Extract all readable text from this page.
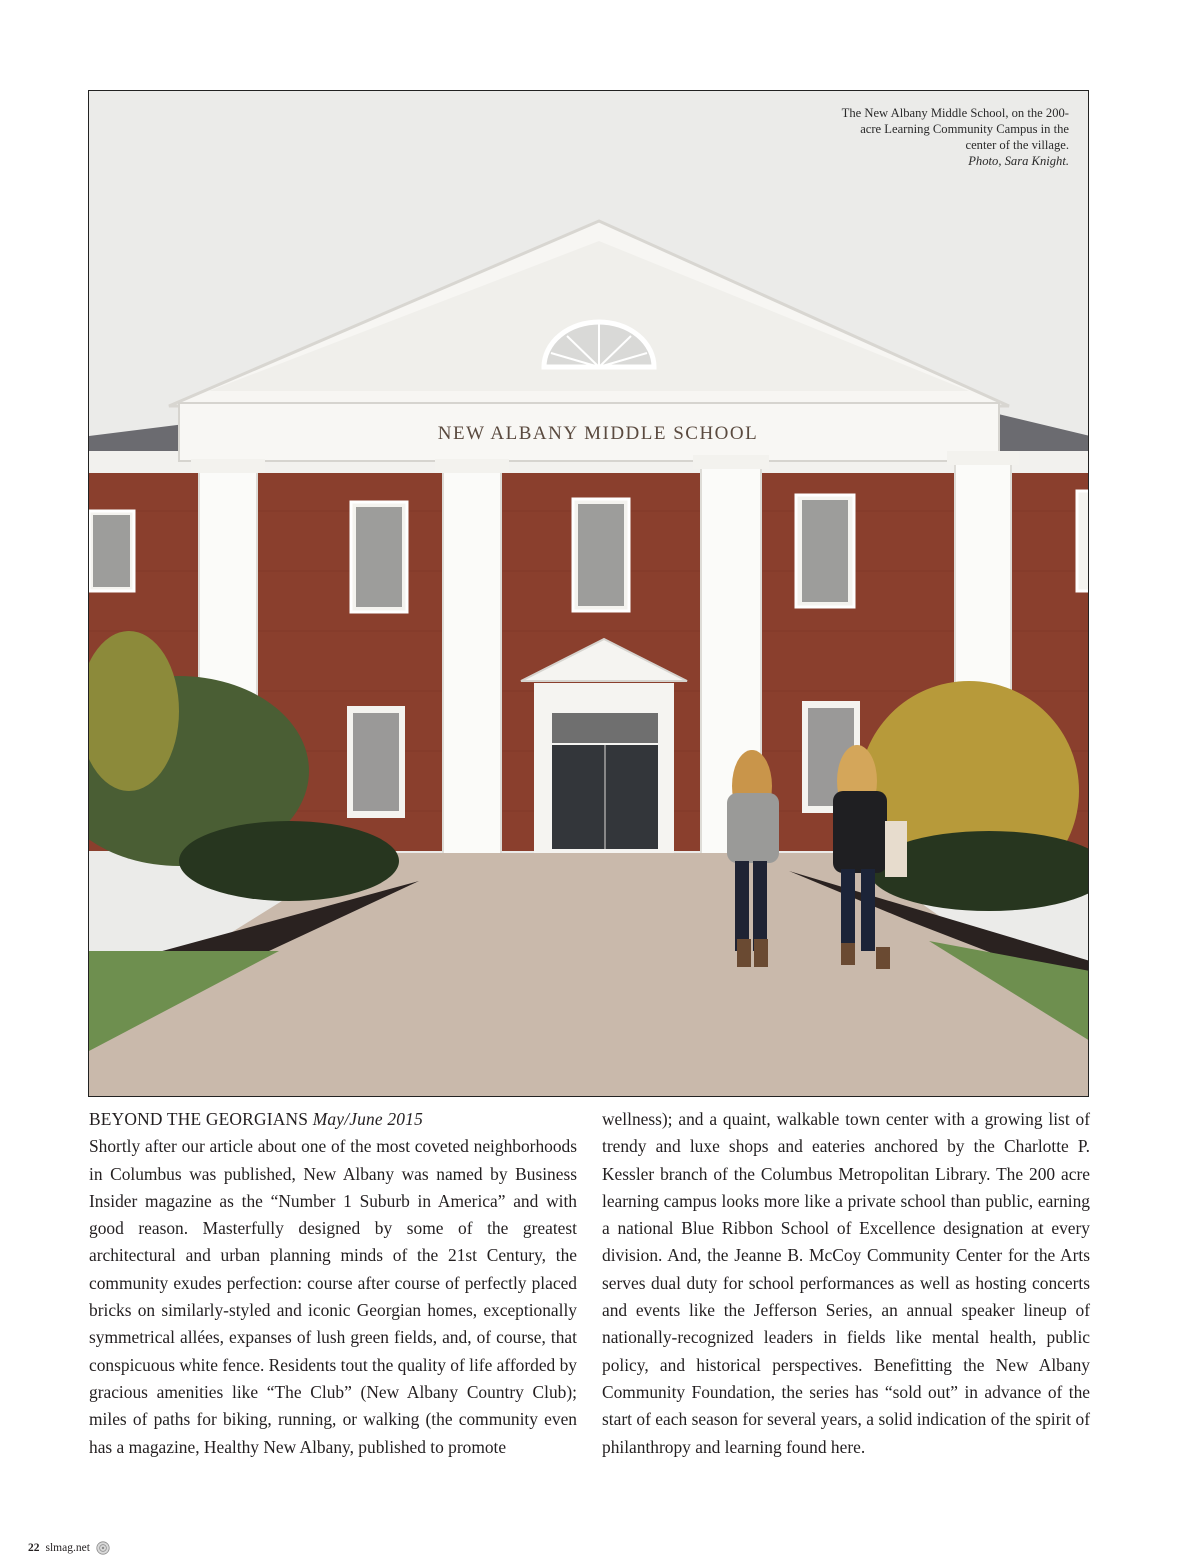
NEW ALBANY MIDDLE SCHOOL
The New Albany Middle School, on the 200-acre Learning Community Campus in the center of the village.
Photo, Sara Knight.
BEYOND THE GEORGIANS May/June 2015

Shortly after our article about one of the most coveted neighborhoods in Columbus was published, New Albany was named by Business Insider magazine as the “Number 1 Suburb in America” and with good reason. Masterfully designed by some of the greatest architectural and urban planning minds of the 21st Century, the community exudes perfection: course after course of perfectly placed bricks on similarly-styled and iconic Georgian homes, exceptionally symmetrical allées, expanses of lush green fields, and, of course, that conspicuous white fence. Residents tout the quality of life afforded by gracious amenities like “The Club” (New Albany Country Club); miles of paths for biking, running, or walking (the community even has a magazine, Healthy New Albany, published to promote

wellness); and a quaint, walkable town center with a growing list of trendy and luxe shops and eateries anchored by the Charlotte P. Kessler branch of the Columbus Metropolitan Library. The 200 acre learning campus looks more like a private school than public, earning a national Blue Ribbon School of Excellence designation at every division. And, the Jeanne B. McCoy Community Center for the Arts serves dual duty for school performances as well as hosting concerts and events like the Jefferson Series, an annual speaker lineup of nationally-recognized leaders in fields like mental health, public policy, and historical perspectives. Benefitting the New Albany Community Foundation, the series has “sold out” in advance of the start of each season for several years, a solid indication of the spirit of philanthropy and learning found here.

22 slmag.net
